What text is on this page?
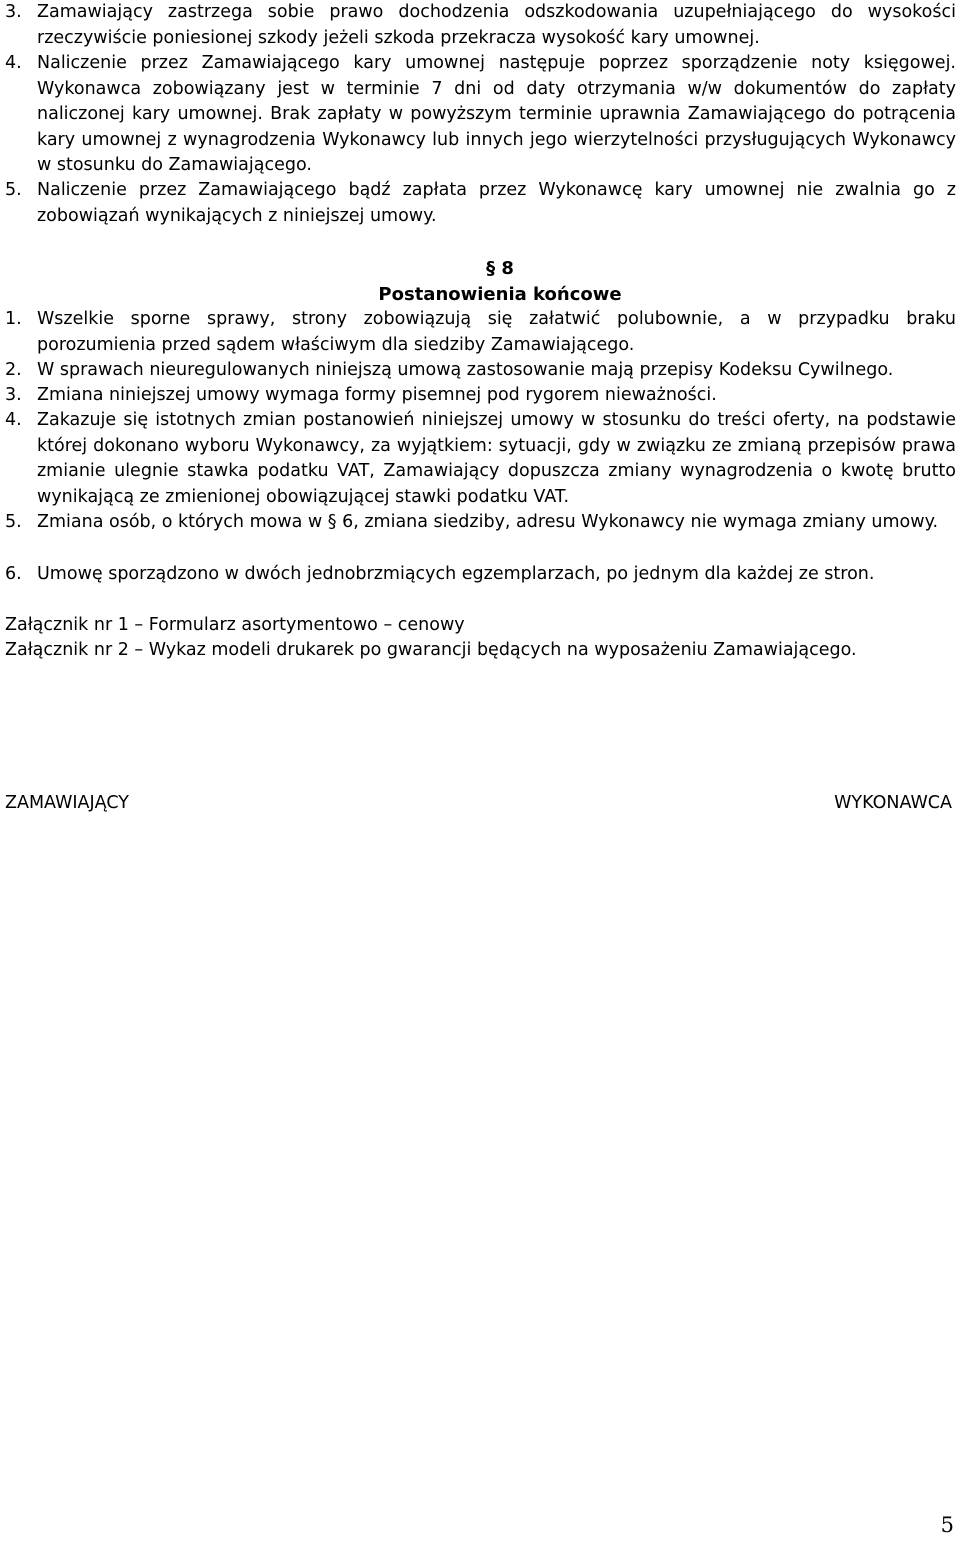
3. Zamawiający zastrzega sobie prawo dochodzenia odszkodowania uzupełniającego do wysokości rzeczywiście poniesionej szkody jeżeli szkoda przekracza wysokość kary umownej.
4. Naliczenie przez Zamawiającego kary umownej następuje poprzez sporządzenie noty księgowej. Wykonawca zobowiązany jest w terminie 7 dni od daty otrzymania w/w dokumentów do zapłaty naliczonej kary umownej. Brak zapłaty w powyższym terminie uprawnia Zamawiającego do potrącenia kary umownej z wynagrodzenia Wykonawcy lub innych jego wierzytelności przysługujących Wykonawcy w stosunku do Zamawiającego.
5. Naliczenie przez Zamawiającego bądź zapłata przez Wykonawcę kary umownej nie zwalnia go z zobowiązań wynikających z niniejszej umowy.
§ 8
Postanowienia końcowe
1. Wszelkie sporne sprawy, strony zobowiązują się załatwić polubownie, a w przypadku braku porozumienia przed sądem właściwym dla siedziby Zamawiającego.
2. W sprawach nieuregulowanych niniejszą umową zastosowanie mają przepisy Kodeksu Cywilnego.
3. Zmiana niniejszej umowy wymaga formy pisemnej pod rygorem nieważności.
4. Zakazuje się istotnych zmian postanowień niniejszej umowy w stosunku do treści oferty, na podstawie której dokonano wyboru Wykonawcy, za wyjątkiem: sytuacji, gdy w związku ze zmianą przepisów prawa zmianie ulegnie stawka podatku VAT, Zamawiający dopuszcza zmiany wynagrodzenia o kwotę brutto wynikającą ze zmienionej obowiązującej stawki podatku VAT.
5. Zmiana osób, o których mowa w § 6, zmiana siedziby, adresu Wykonawcy nie wymaga zmiany umowy.
6. Umowę sporządzono w dwóch jednobrzmiących egzemplarzach, po jednym dla każdej ze stron.
Załącznik nr 1 – Formularz asortymentowo – cenowy
Załącznik nr 2 – Wykaz modeli drukarek po gwarancji będących na wyposażeniu Zamawiającego.
ZAMAWIAJĄCY	WYKONAWCA
5
